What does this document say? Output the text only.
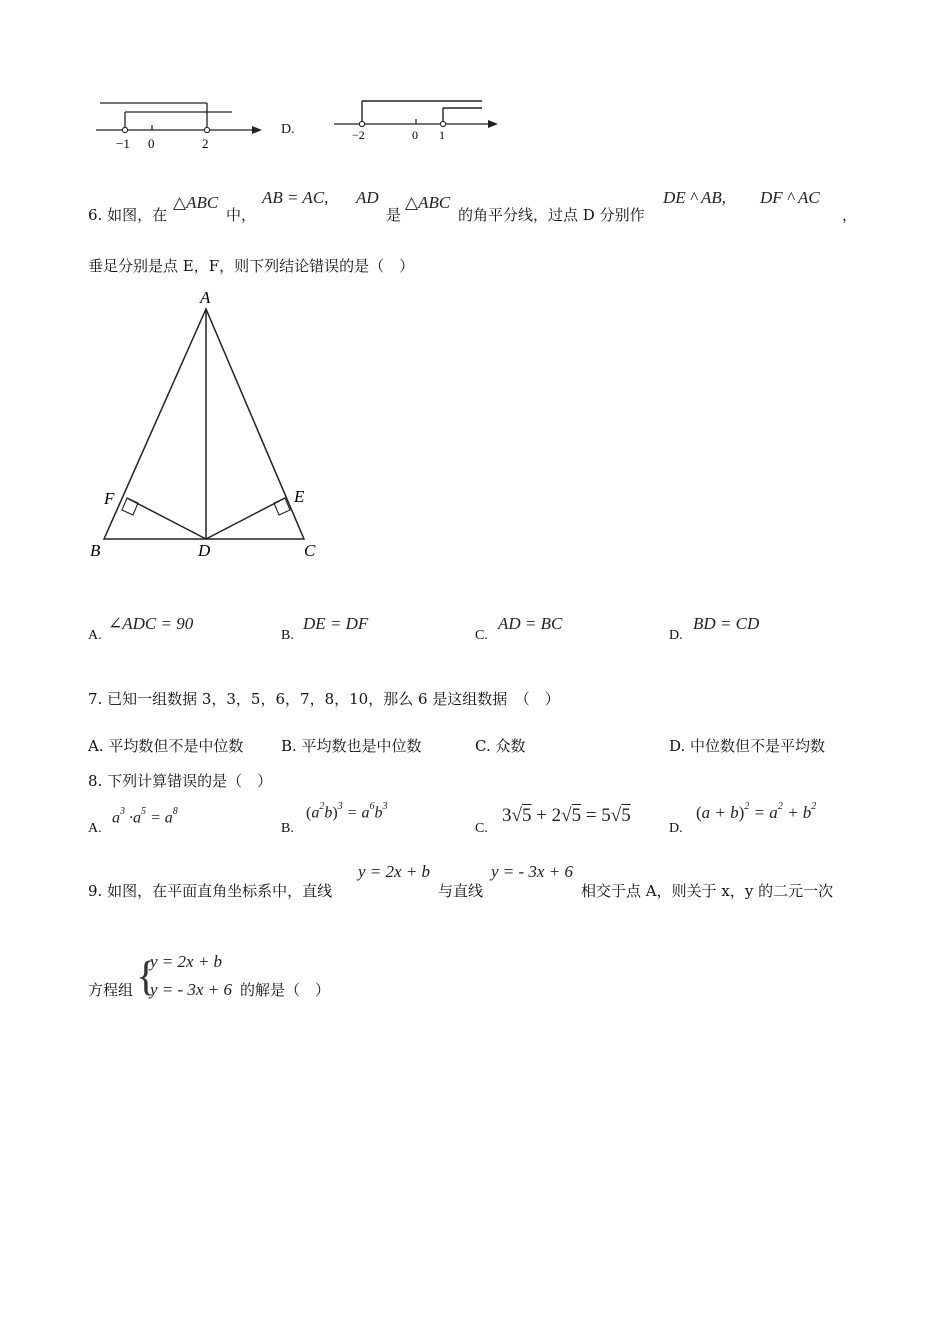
−1 0	2
D.	−2	0 1
6. 如图，在
△ABC
中，
AB = AC, AD
是
△ABC
的角平分线，过点 D 分别作
DE ^ AB, DF ^ AC
，
垂足分别是点 E，F，则下列结论错误的是（　）
A
B	C
D
E
F
A.
∠ADC = 90
B.
DE = DF
C.
AD = BC
D.
BD = CD
7. 已知一组数据 3，3，5，6，7，8，10，那么 6 是这组数据　（　）
A. 平均数但不是中位数	B. 平均数也是中位数	C. 众数	D. 中位数但不是平均数
8. 下列计算错误的是（　）
A.
$a^3 \cdot a^5 = a^8$
B.
$(a^2b)^3 = a^6b^3$
C.
3√5 + 2√5 = 5√5
D.
$(a + b)^2 = a^2 + b^2$
9. 如图，在平面直角坐标系中，直线
y = 2x + b
与直线
y = - 3x + 6
相交于点 A，则关于 x，y 的二元一次
方程组 {
y = 2x + b
y = - 3x + 6 的解是（　）
